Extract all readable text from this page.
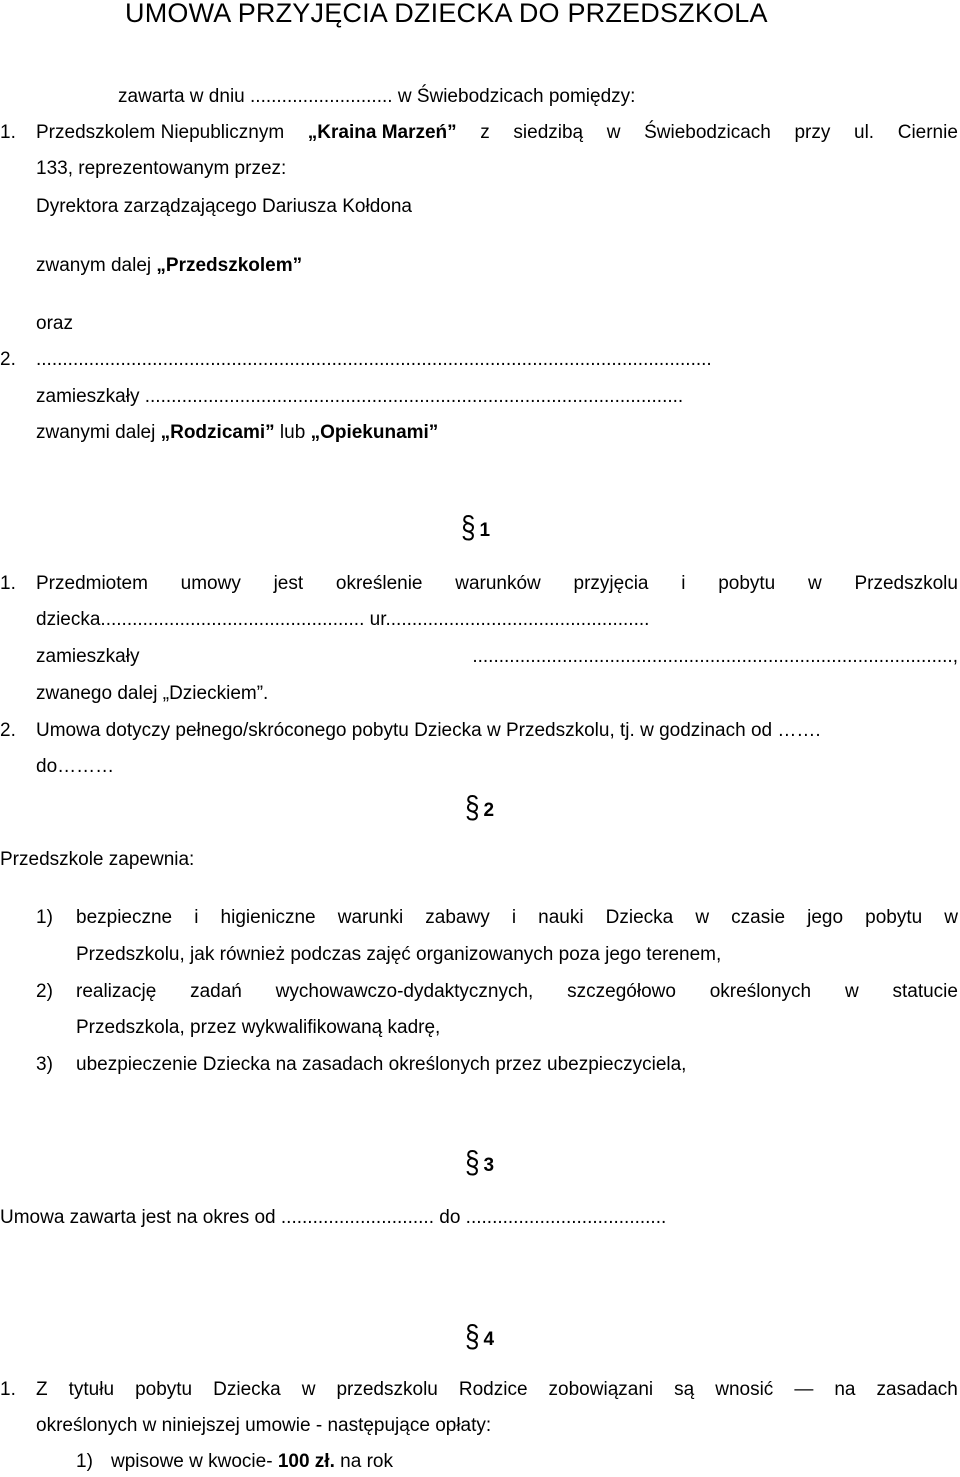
UMOWA PRZYJĘCIA DZIECKA DO PRZEDSZKOLA
zawarta w dniu ........................... w Świebodzicach pomiędzy:
1. Przedszkolem Niepublicznym „Kraina Marzeń” z siedzibą w Świebodzicach przy ul. Ciernie
133, reprezentowanym przez:
Dyrektora zarządzającego Dariusza Kołdona
zwanym dalej „Przedszkolem”
oraz
2. ................................................................................................................................
zamieszkały ......................................................................................................
zwanymi dalej „Rodzicami” lub „Opiekunami”
§ 1
1. Przedmiotem umowy jest określenie warunków przyjęcia i pobytu w Przedszkolu
dziecka.................................................. ur..................................................
zamieszkały	...........................................................................................,
zwanego dalej „Dzieckiem”.
2. Umowa dotyczy pełnego/skróconego pobytu Dziecka w Przedszkolu, tj. w godzinach od …….
do………
§ 2
Przedszkole zapewnia:
1) bezpieczne i higieniczne warunki zabawy i nauki Dziecka w czasie jego pobytu w
Przedszkolu, jak również podczas zajęć organizowanych poza jego terenem,
2) realizację zadań wychowawczo-dydaktycznych, szczegółowo określonych w statucie
Przedszkola, przez wykwalifikowaną kadrę,
3) ubezpieczenie Dziecka na zasadach określonych przez ubezpieczyciela,
§ 3
Umowa zawarta jest na okres od ............................. do ......................................
§ 4
1. Z tytułu pobytu Dziecka w przedszkolu Rodzice zobowiązani są wnosić — na zasadach
określonych w niniejszej umowie - następujące opłaty:
1) wpisowe w kwocie- 100 zł. na rok
